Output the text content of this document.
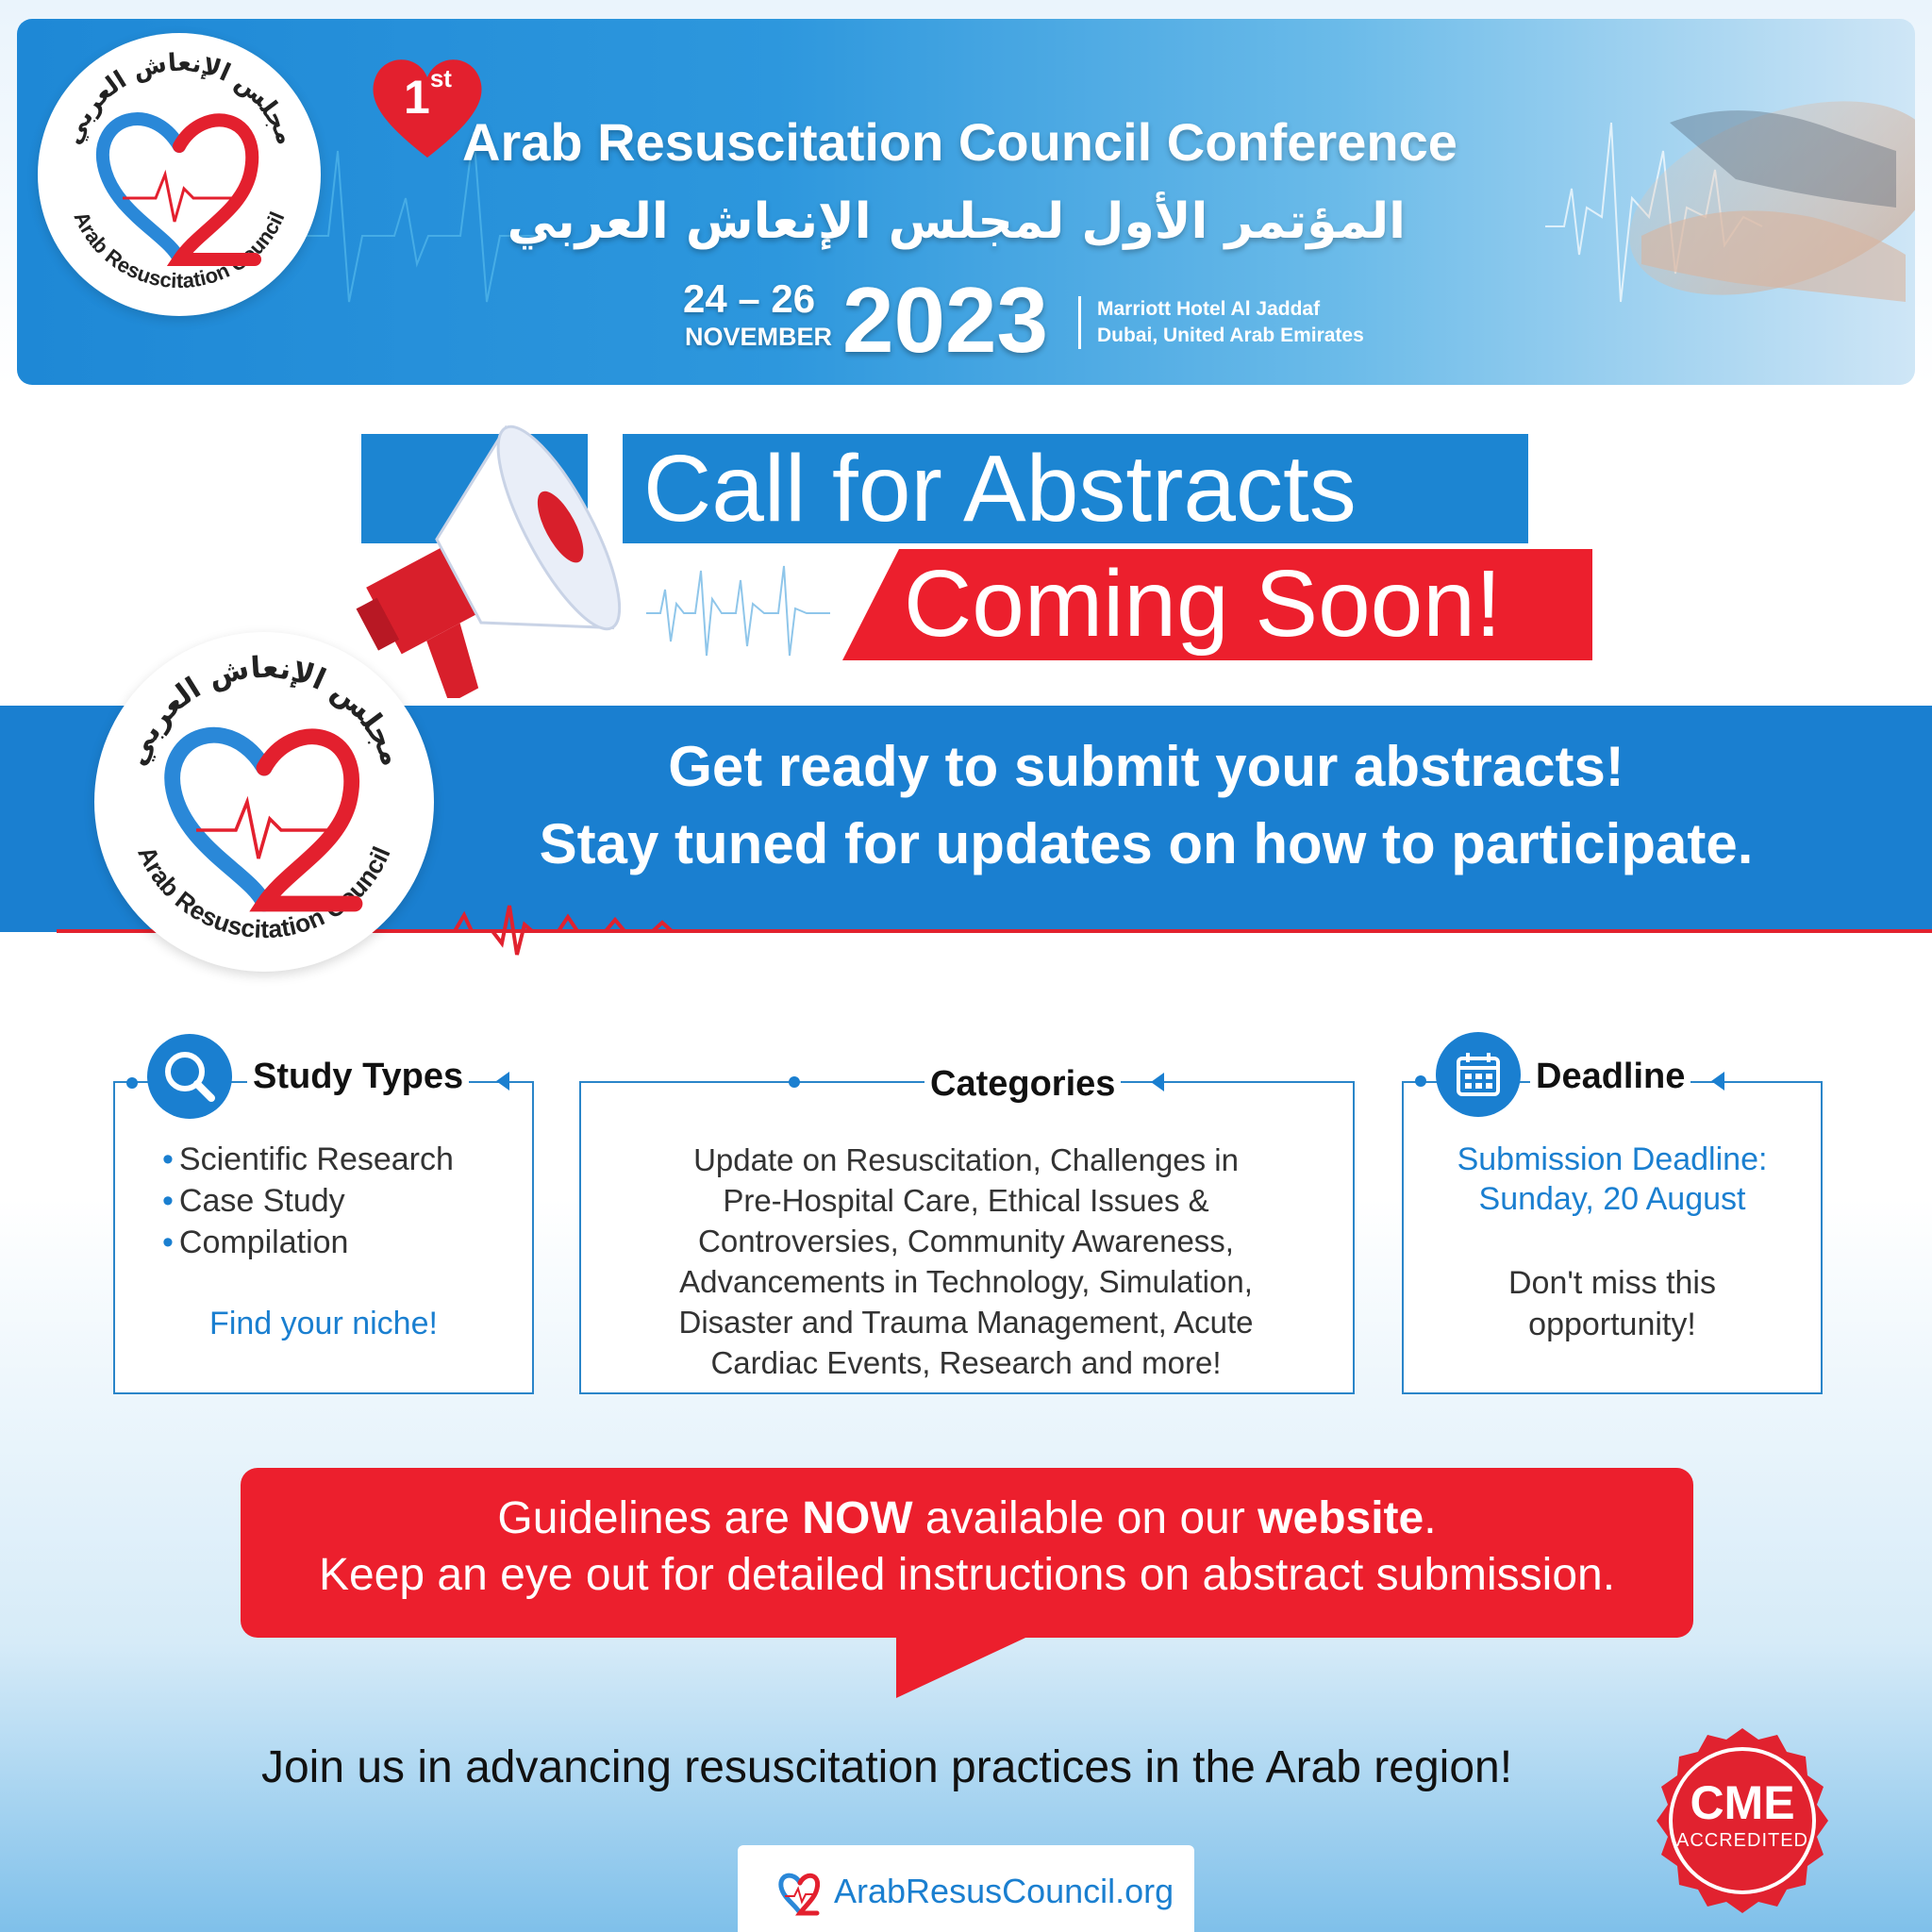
مجلس الإنعاش العربي
Arab Resuscitation Council
1st
Arab Resuscitation Council Conference
المؤتمر الأول لمجلس الإنعاش العربي
24 – 26
NOVEMBER 2023 Marriott Hotel Al Jaddaf
Dubai, United Arab Emirates
Call for Abstracts
Coming Soon!
Get ready to submit your abstracts!
Stay tuned for updates on how to participate.
مجلس الإنعاش العربي
Arab Resuscitation Council
Study Types
• Scientific Research
• Case Study
• Compilation
Find your niche!
Categories
Update on Resuscitation, Challenges in
Pre-Hospital Care, Ethical Issues &
Controversies, Community Awareness,
Advancements in Technology, Simulation,
Disaster and Trauma Management, Acute
Cardiac Events, Research and more!
Deadline
Submission Deadline:
Sunday, 20 August
Don't miss this
opportunity!
Guidelines are NOW available on our website.
Keep an eye out for detailed instructions on abstract submission.
Join us in advancing resuscitation practices in the Arab region!
CME
ACCREDITED
ArabResusCouncil.org
